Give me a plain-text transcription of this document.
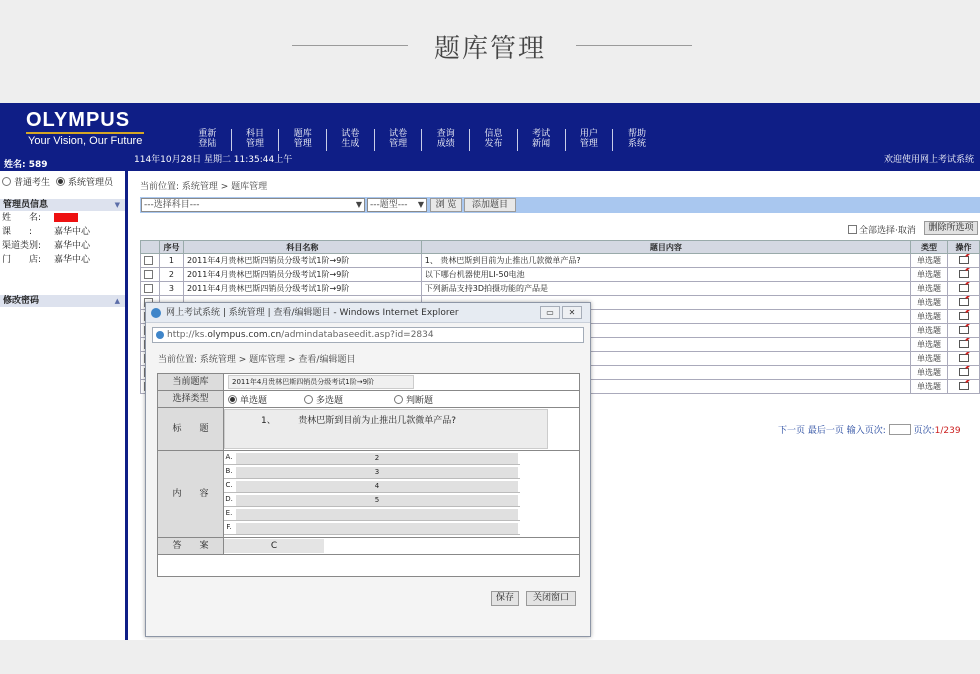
题库管理
OLYMPUS
Your Vision, Our Future
姓名: 589	114年10月28日 星期二 11:35:44上午	欢迎使用网上考试系统
重新
登陆
科目
管理
题库
管理
试卷
生成
试卷
管理
查询
成绩
信息
发布
考试
新闻
用户
管理
帮助
系统
普通考生	系统管理员
管理员信息	▼
姓　　名:
课　　:	嘉华中心
渠道类别:	嘉华中心
门　　店:	嘉华中心
修改密码	▲
当前位置: 系统管理 > 题库管理
---选择科目---	▼ ---题型--- ▼	浏 览	添加题目
全部选择·取消	删除所选项
	序号	科目名称	题目内容	类型	操作
	1	2011年4月贵林巴斯四销员分级考试1阶→9阶	1、 贵林巴斯到目前为止推出几款微单产品?	单选题	
	2	2011年4月贵林巴斯四销员分级考试1阶→9阶	以下哪台机器使用LI-50电池	单选题	
	3	2011年4月贵林巴斯四销员分级考试1阶→9阶	下列新品支持3D拍摄功能的产品是	单选题	
				单选题	
				单选题	
				单选题	
				单选题	
				单选题	
				单选题	
				单选题	
下一页 最后一页 输入页次:	页次:1/239
网上考试系统 | 系统管理 | 查看/编辑题目 - Windows Internet Explorer	▭	✕
http://ks.olympus.com.cn/admindatabaseedit.asp?id=2834
当前位置: 系统管理 > 题库管理 > 查看/编辑题目
当前题库	2011年4月贵林巴斯四销员分级考试1阶→9阶
选择类型	单选题	多选题	判断题
标　　题
1、　　　贵林巴斯到目前为止推出几款微单产品?
内　　容
A.	2
B.	3
C.	4
D.	5
E.
F.
答　　案	C
保存	关闭窗口
